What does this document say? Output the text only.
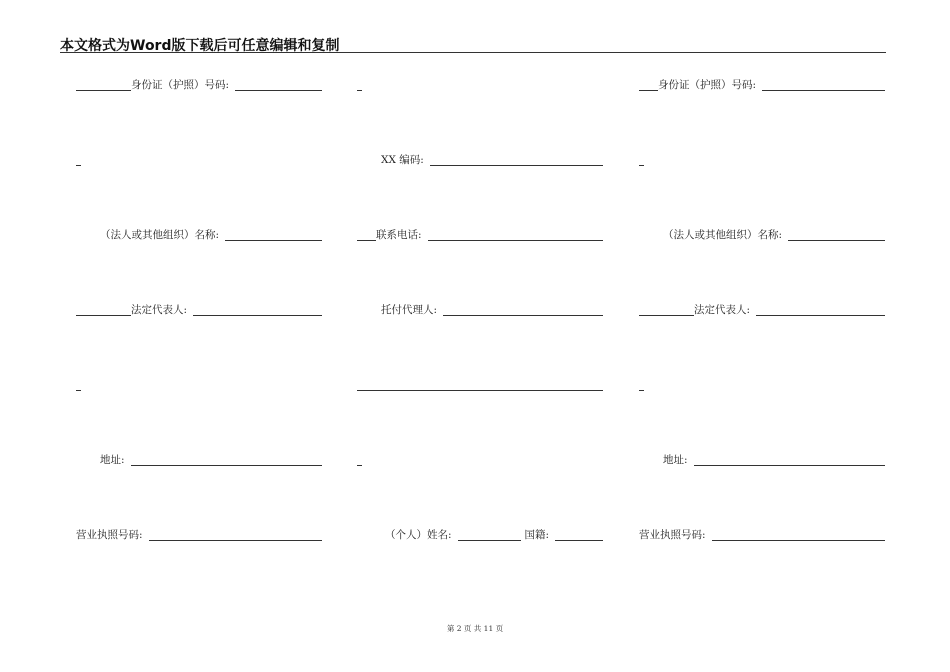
本文格式为Word版下载后可任意编辑和复制
身份证（护照）号码:
（法人或其他组织）名称:
法定代表人:
地址:
营业执照号码:
XX 编码:
联系电话:
托付代理人:
（个人）姓名:	国籍:
身份证（护照）号码:
（法人或其他组织）名称:
法定代表人:
地址:
营业执照号码:
第 2 页 共 11 页
